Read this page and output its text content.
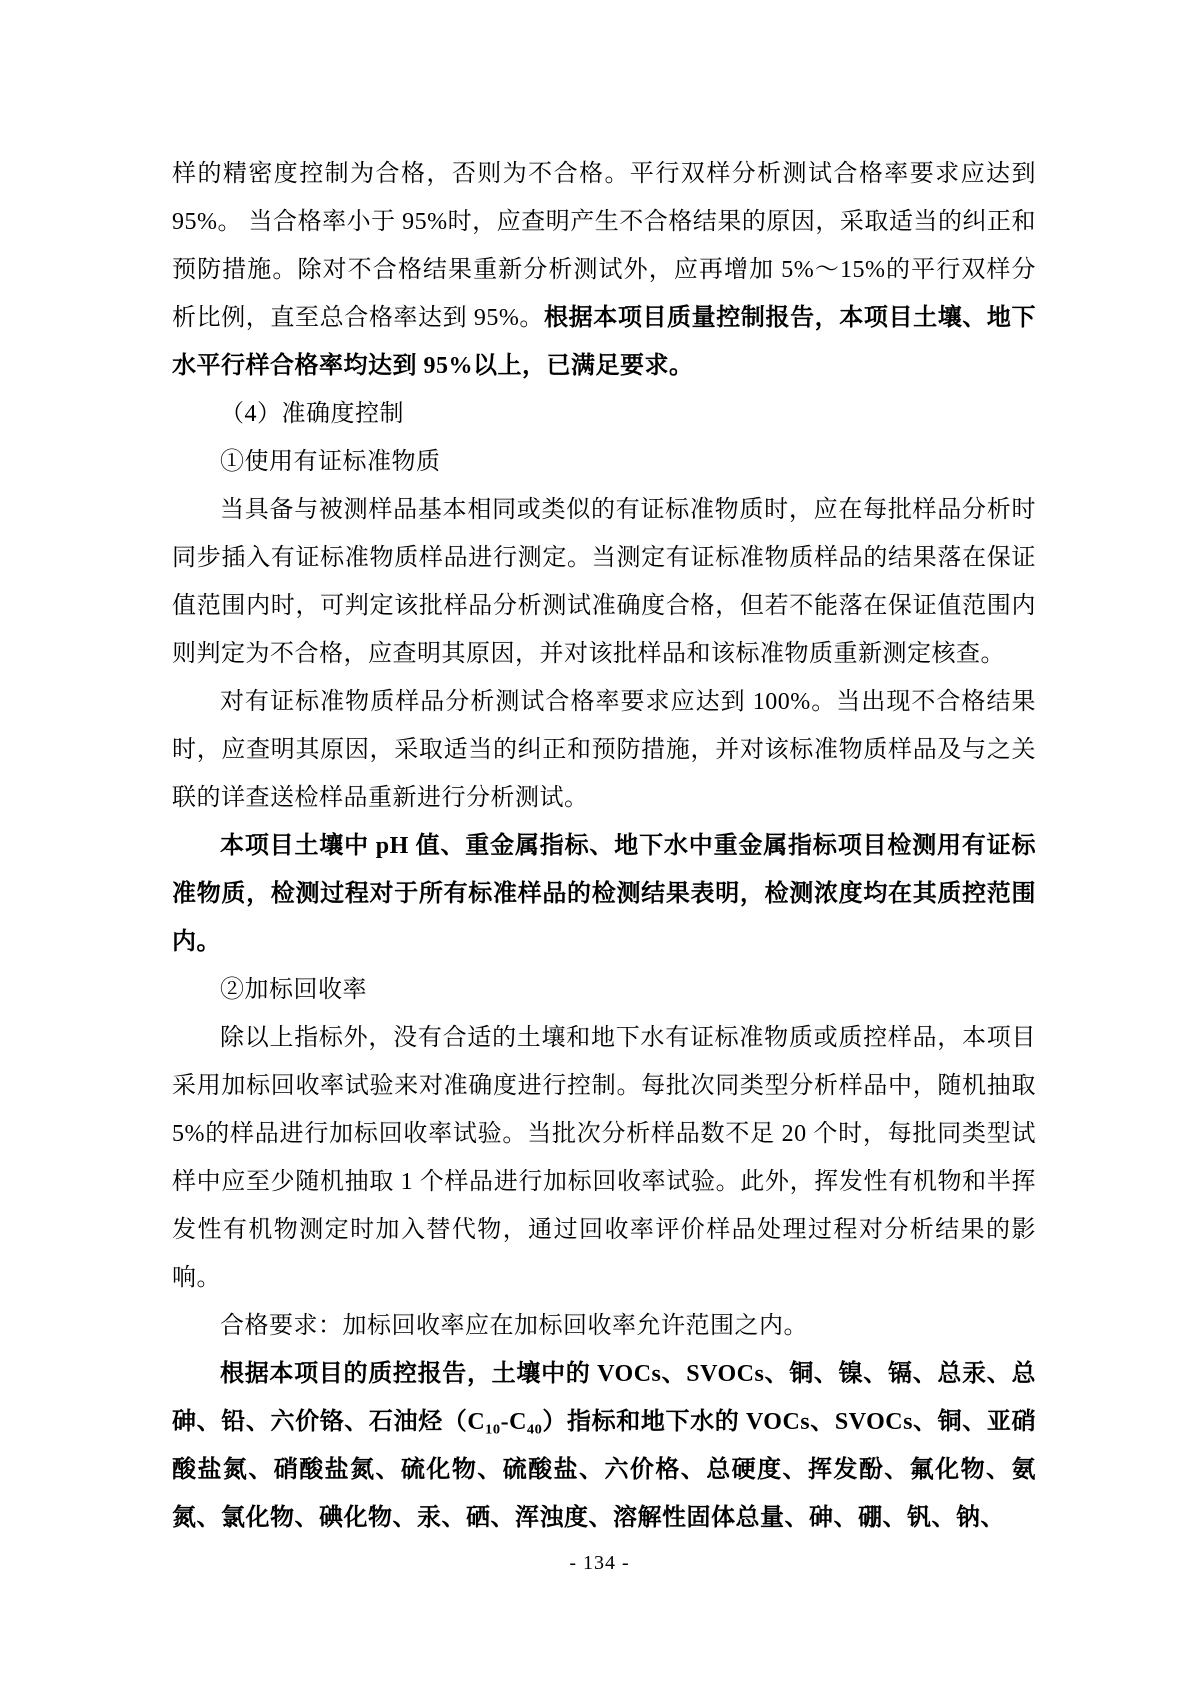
样的精密度控制为合格，否则为不合格。平行双样分析测试合格率要求应达到 95%。 当合格率小于 95%时，应查明产生不合格结果的原因，采取适当的纠正和预防措施。除对不合格结果重新分析测试外，应再增加 5%～15%的平行双样分析比例，直至总合格率达到 95%。根据本项目质量控制报告，本项目土壤、地下水平行样合格率均达到 95%以上，已满足要求。

（4）准确度控制

①使用有证标准物质

当具备与被测样品基本相同或类似的有证标准物质时，应在每批样品分析时同步插入有证标准物质样品进行测定。当测定有证标准物质样品的结果落在保证值范围内时，可判定该批样品分析测试准确度合格，但若不能落在保证值范围内则判定为不合格，应查明其原因，并对该批样品和该标准物质重新测定核查。

对有证标准物质样品分析测试合格率要求应达到 100%。当出现不合格结果时，应查明其原因，采取适当的纠正和预防措施，并对该标准物质样品及与之关联的详查送检样品重新进行分析测试。

本项目土壤中 pH 值、重金属指标、地下水中重金属指标项目检测用有证标准物质，检测过程对于所有标准样品的检测结果表明，检测浓度均在其质控范围内。

②加标回收率

除以上指标外，没有合适的土壤和地下水有证标准物质或质控样品，本项目采用加标回收率试验来对准确度进行控制。每批次同类型分析样品中，随机抽取 5%的样品进行加标回收率试验。当批次分析样品数不足 20 个时，每批同类型试样中应至少随机抽取 1 个样品进行加标回收率试验。此外，挥发性有机物和半挥发性有机物测定时加入替代物，通过回收率评价样品处理过程对分析结果的影响。

合格要求：加标回收率应在加标回收率允许范围之内。

根据本项目的质控报告，土壤中的 VOCs、SVOCs、铜、镍、镉、总汞、总砷、铅、六价铬、石油烃（C₁₀-C₄₀）指标和地下水的 VOCs、SVOCs、铜、亚硝酸盐氮、硝酸盐氮、硫化物、硫酸盐、六价格、总硬度、挥发酚、氟化物、氨氮、氯化物、碘化物、汞、硒、浑浊度、溶解性固体总量、砷、硼、钒、钠、

- 134 -
